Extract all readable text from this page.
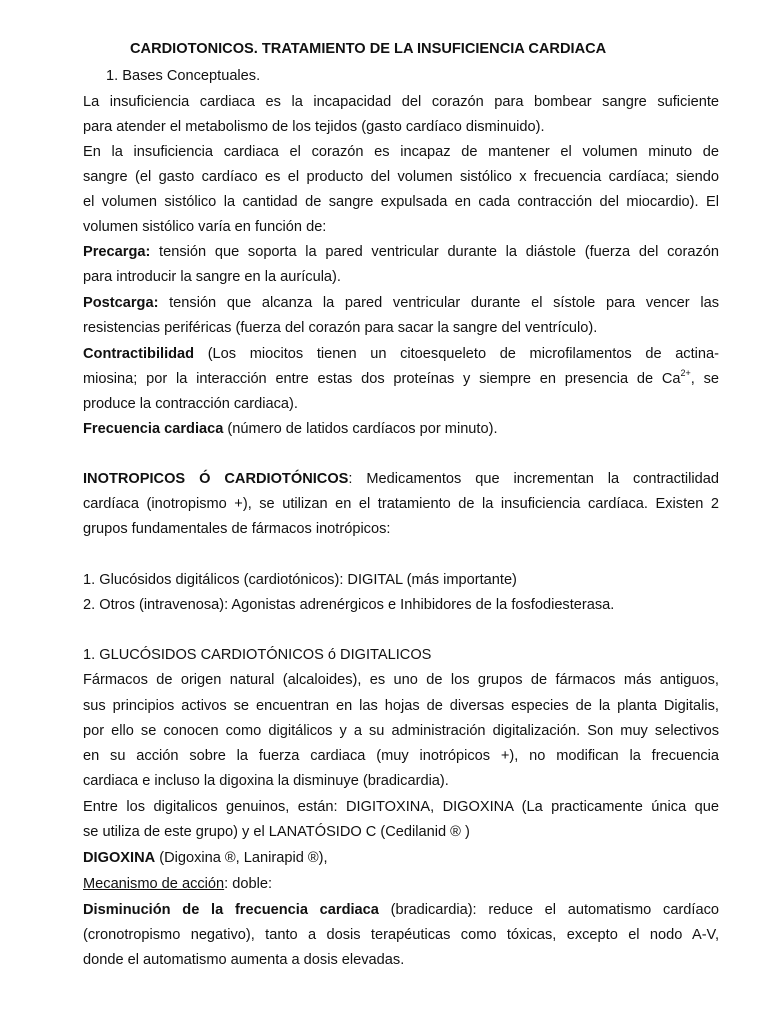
CARDIOTONICOS. TRATAMIENTO DE LA INSUFICIENCIA CARDIACA
1. Bases Conceptuales.
La insuficiencia cardiaca es la incapacidad del corazón para bombear sangre suficiente
para atender el metabolismo de los tejidos (gasto cardíaco disminuido).
En la insuficiencia cardiaca el corazón es incapaz de mantener el volumen minuto de
sangre (el gasto cardíaco es el producto del volumen sistólico x frecuencia cardíaca; siendo
el volumen sistólico la cantidad de sangre expulsada en cada contracción del miocardio). El
volumen sistólico varía en función de:
Precarga: tensión que soporta la pared ventricular durante la diástole (fuerza del corazón
para introducir la sangre en la aurícula).
Postcarga: tensión que alcanza la pared ventricular durante el sístole para vencer las
resistencias periféricas (fuerza del corazón para sacar la sangre del ventrículo).
Contractibilidad (Los miocitos tienen un citoesqueleto de microfilamentos de actina-
miosina; por la interacción entre estas dos proteínas y siempre en presencia de $Ca^{2+}$, se
produce la contracción cardiaca).
Frecuencia cardiaca (número de latidos cardíacos por minuto).
INOTROPICOS Ó CARDIOTÓNICOS: Medicamentos que incrementan la contractilidad
cardíaca (inotropismo +), se utilizan en el tratamiento de la insuficiencia cardíaca. Existen 2
grupos fundamentales de fármacos inotrópicos:
1. Glucósidos digitálicos (cardiotónicos): DIGITAL (más importante)
2. Otros (intravenosa): Agonistas adrenérgicos e Inhibidores de la fosfodiesterasa.
1. GLUCÓSIDOS CARDIOTÓNICOS ó DIGITALICOS
Fármacos de origen natural (alcaloides), es uno de los grupos de fármacos más antiguos,
sus principios activos se encuentran en las hojas de diversas especies de la planta Digitalis,
por ello se conocen como digitálicos y a su administración digitalización. Son muy selectivos
en su acción sobre la fuerza cardiaca (muy inotrópicos +), no modifican la frecuencia
cardiaca e incluso la digoxina la disminuye (bradicardia).
Entre los digitalicos genuinos, están: DIGITOXINA, DIGOXINA (La practicamente única que
se utiliza de este grupo) y el LANATÓSIDO C (Cedilanid ® )
DIGOXINA (Digoxina ®, Lanirapid ®),
Mecanismo de acción: doble:
Disminución de la frecuencia cardiaca (bradicardia): reduce el automatismo cardíaco
(cronotropismo negativo), tanto a dosis terapéuticas como tóxicas, excepto el nodo A-V,
donde el automatismo aumenta a dosis elevadas.
